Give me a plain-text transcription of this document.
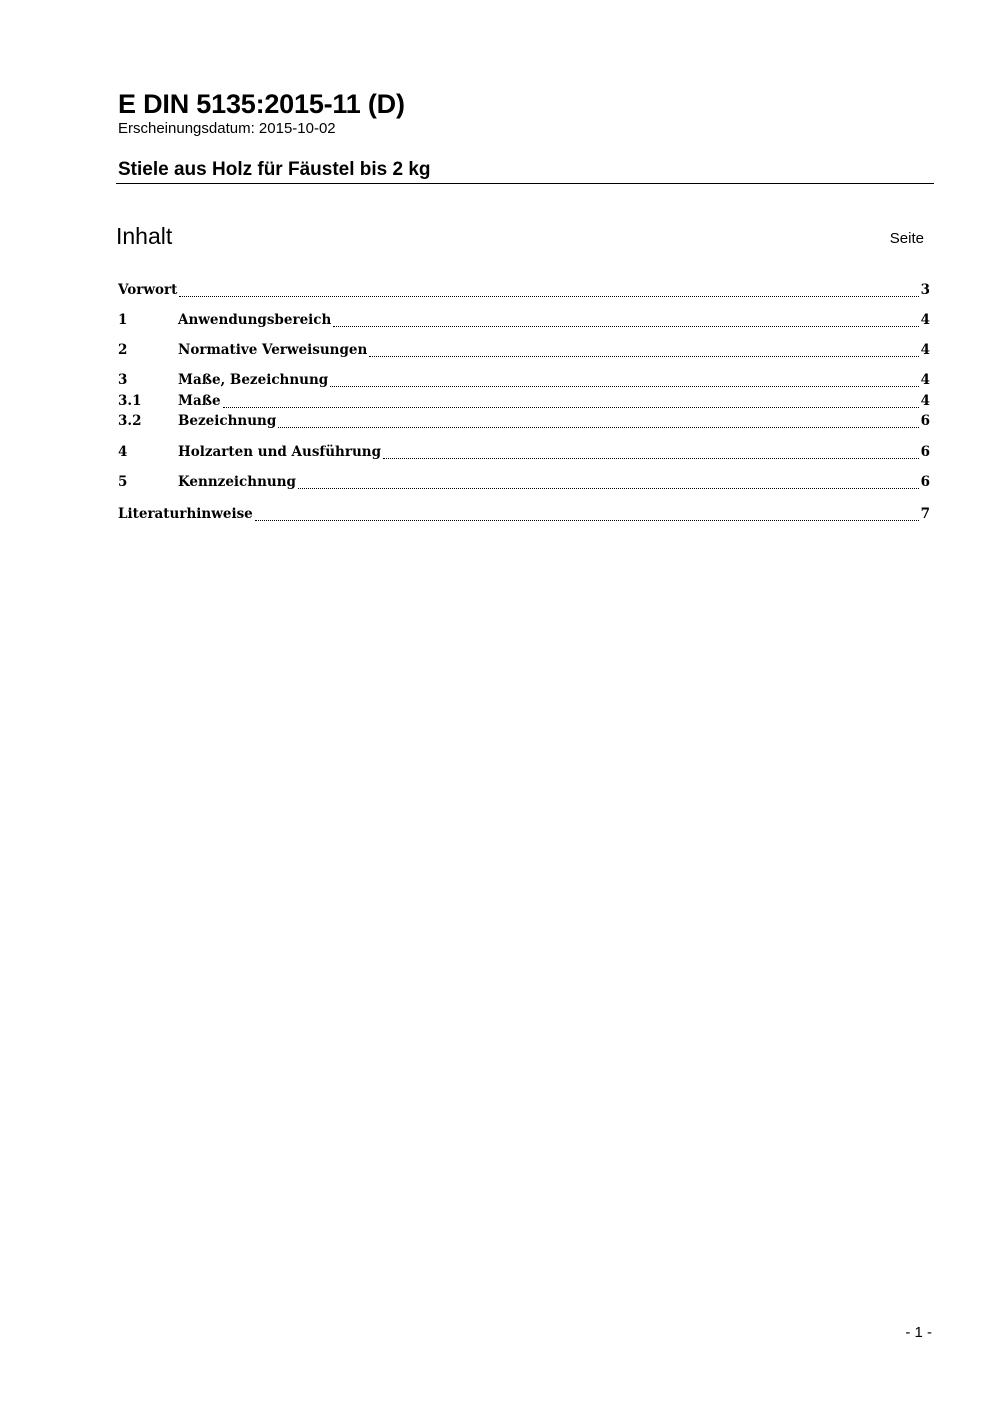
E DIN 5135:2015-11 (D)
Erscheinungsdatum: 2015-10-02
Stiele aus Holz für Fäustel bis 2 kg
Inhalt	Seite
Vorwort	3
1	Anwendungsbereich	4
2	Normative Verweisungen	4
3	Maße, Bezeichnung	4
3.1	Maße	4
3.2	Bezeichnung	6
4	Holzarten und Ausführung	6
5	Kennzeichnung	6
Literaturhinweise	7
- 1 -
